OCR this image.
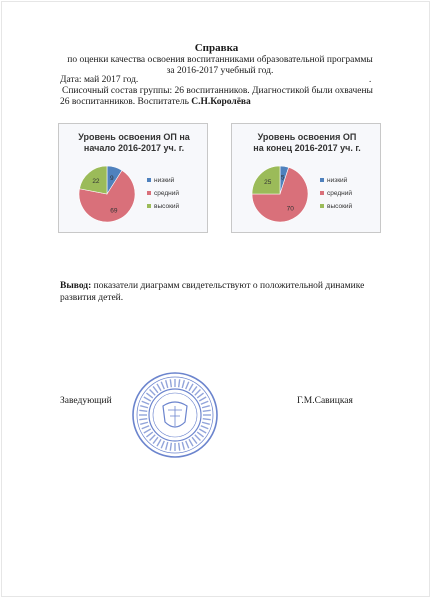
Справка
по оценки качества освоения воспитанниками образовательной программы
за 2016-2017 учебный год.
Дата: май 2017 год.	.
Списочный состав группы: 26 воспитанников. Диагностикой были охвачены
26 воспитанников. Воспитатель С.Н.Королёва
Уровень освоения ОП на
начало 2016-2017 уч. г.
9
69
22	низкий
средний
высокий
Уровень освоения ОП
на конец 2016-2017 уч. г.
5
70
25	низкий
средний
высокий
Вывод: показатели диаграмм свидетельствуют о положительной динамике
развития детей.
Заведующий	Г.М.Савицкая
